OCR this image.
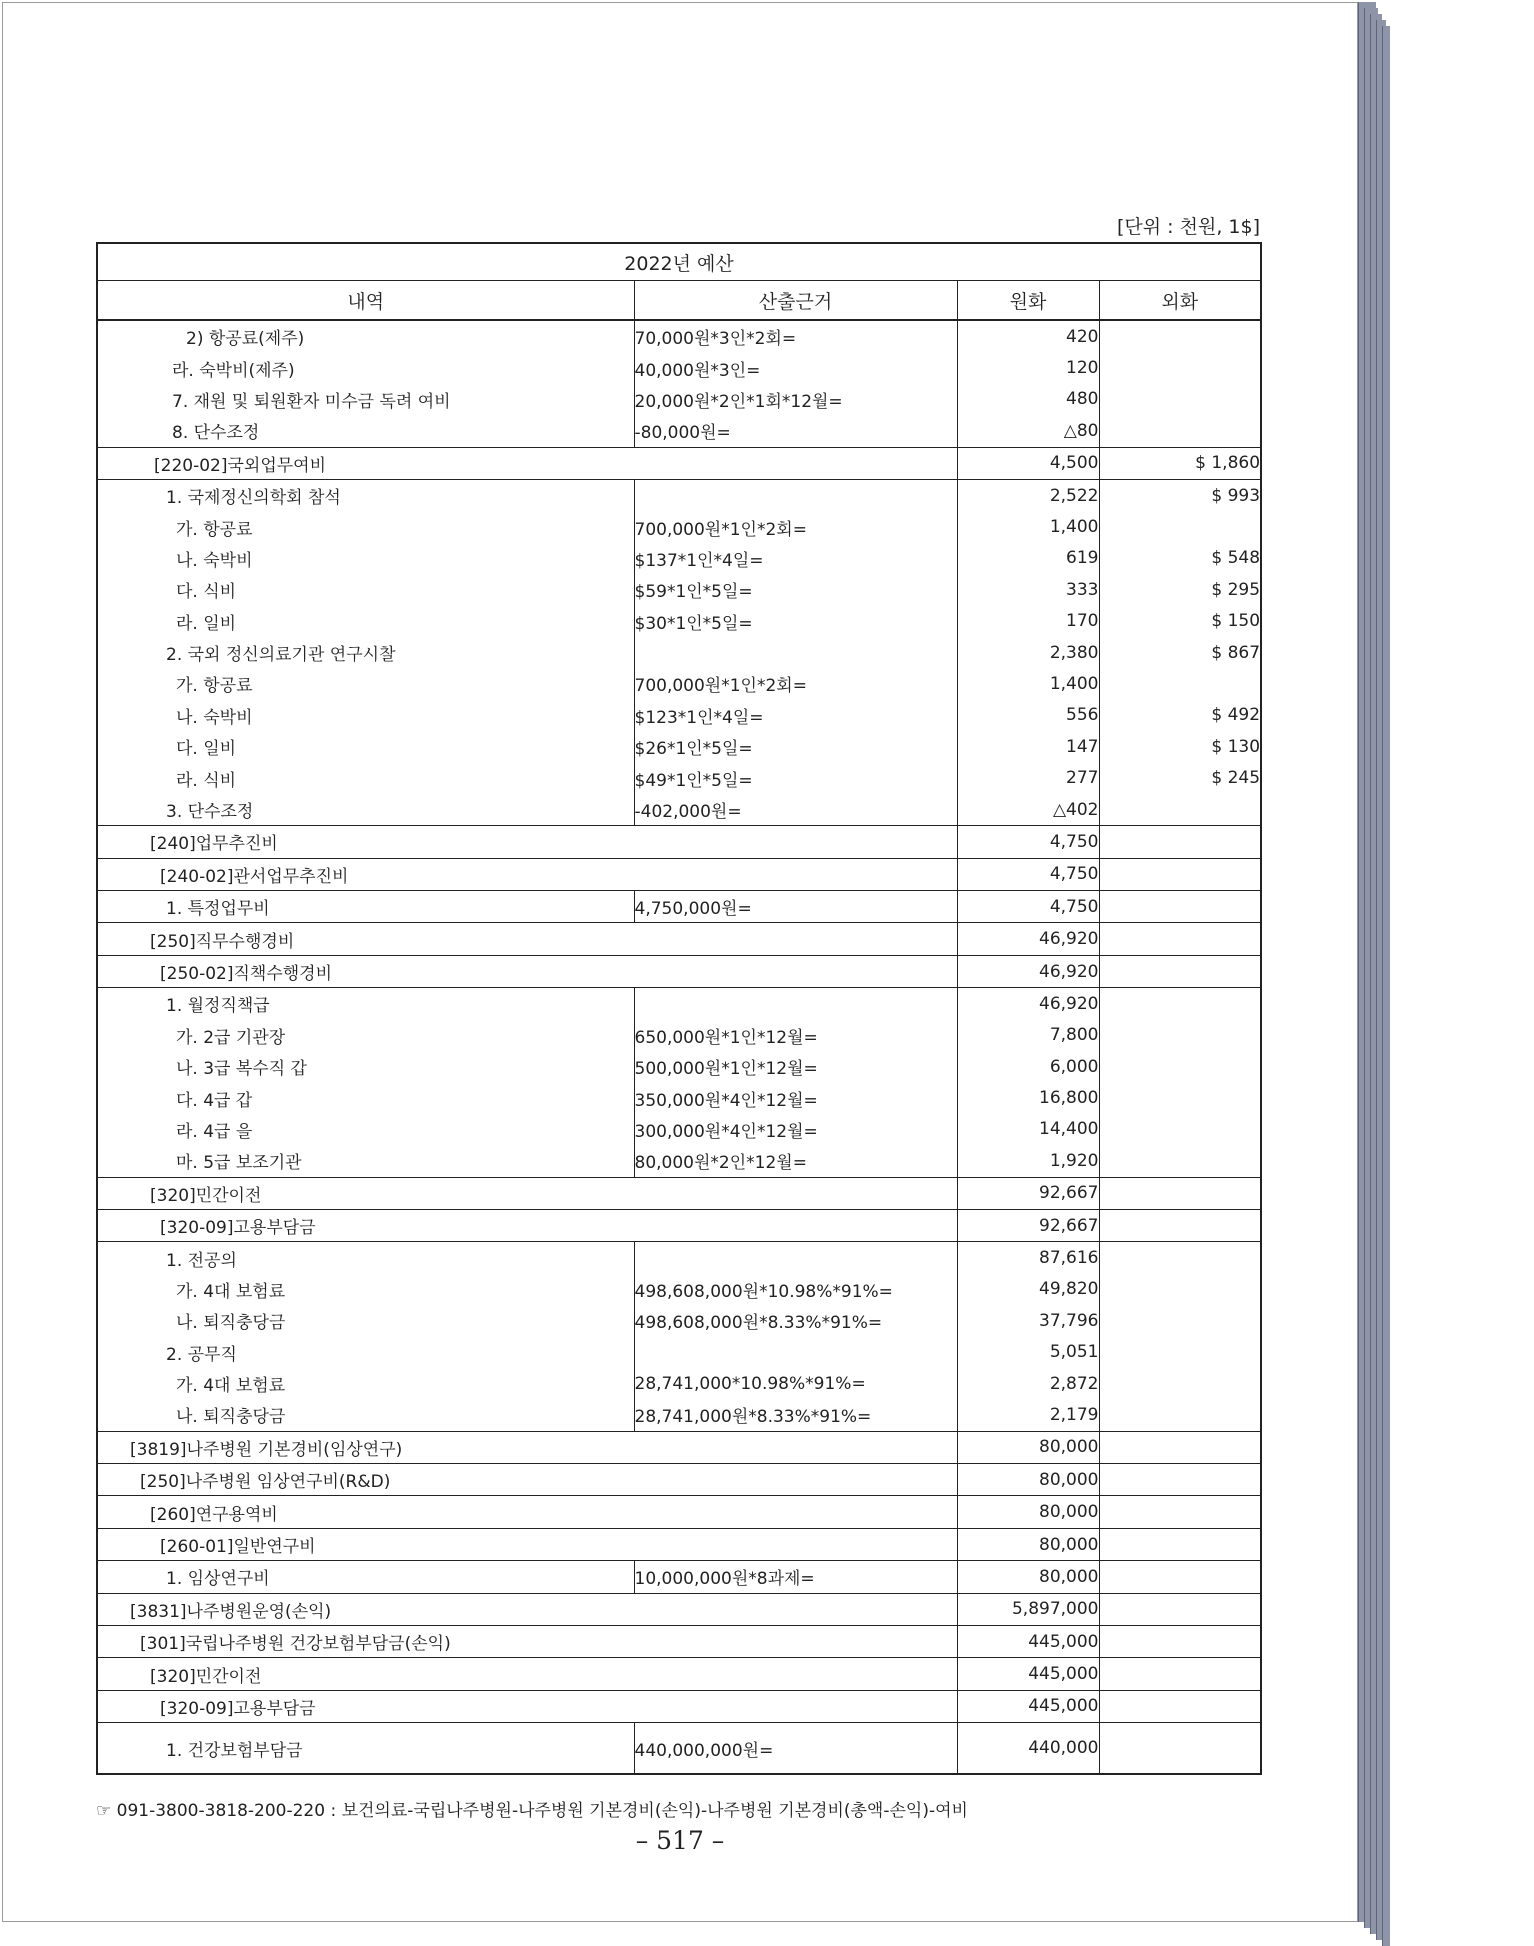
[단위 : 천원, 1$]
2022년 예산			
내역	산출근거	원화	외화
2) 항공료(제주)	70,000원*3인*2회=	420	
라. 숙박비(제주)	40,000원*3인=	120	
7. 재원 및 퇴원환자 미수금 독려 여비	20,000원*2인*1회*12월=	480	
8. 단수조정	-80,000원=	△80	
[220-02]국외업무여비		4,500	$ 1,860
1. 국제정신의학회 참석		2,522	$ 993
가. 항공료	700,000원*1인*2회=	1,400	
나. 숙박비	$137*1인*4일=	619	$ 548
다. 식비	$59*1인*5일=	333	$ 295
라. 일비	$30*1인*5일=	170	$ 150
2. 국외 정신의료기관 연구시찰		2,380	$ 867
가. 항공료	700,000원*1인*2회=	1,400	
나. 숙박비	$123*1인*4일=	556	$ 492
다. 일비	$26*1인*5일=	147	$ 130
라. 식비	$49*1인*5일=	277	$ 245
3. 단수조정	-402,000원=	△402	
[240]업무추진비		4,750	
[240-02]관서업무추진비		4,750	
1. 특정업무비	4,750,000원=	4,750	
[250]직무수행경비		46,920	
[250-02]직책수행경비		46,920	
1. 월정직책급		46,920	
가. 2급 기관장	650,000원*1인*12월=	7,800	
나. 3급 복수직 갑	500,000원*1인*12월=	6,000	
다. 4급 갑	350,000원*4인*12월=	16,800	
라. 4급 을	300,000원*4인*12월=	14,400	
마. 5급 보조기관	80,000원*2인*12월=	1,920	
[320]민간이전		92,667	
[320-09]고용부담금		92,667	
1. 전공의		87,616	
가. 4대 보험료	498,608,000원*10.98%*91%=	49,820	
나. 퇴직충당금	498,608,000원*8.33%*91%=	37,796	
2. 공무직		5,051	
가. 4대 보험료	28,741,000*10.98%*91%=	2,872	
나. 퇴직충당금	28,741,000원*8.33%*91%=	2,179	
[3819]나주병원 기본경비(임상연구)		80,000	
[250]나주병원 임상연구비(R&D)		80,000	
[260]연구용역비		80,000	
[260-01]일반연구비		80,000	
1. 임상연구비	10,000,000원*8과제=	80,000	
[3831]나주병원운영(손익)		5,897,000	
[301]국립나주병원 건강보험부담금(손익)		445,000	
[320]민간이전		445,000	
[320-09]고용부담금		445,000	
1. 건강보험부담금	440,000,000원=	440,000	
☞ 091-3800-3818-200-220 : 보건의료-국립나주병원-나주병원 기본경비(손익)-나주병원 기본경비(총액-손익)-여비
– 517 –
